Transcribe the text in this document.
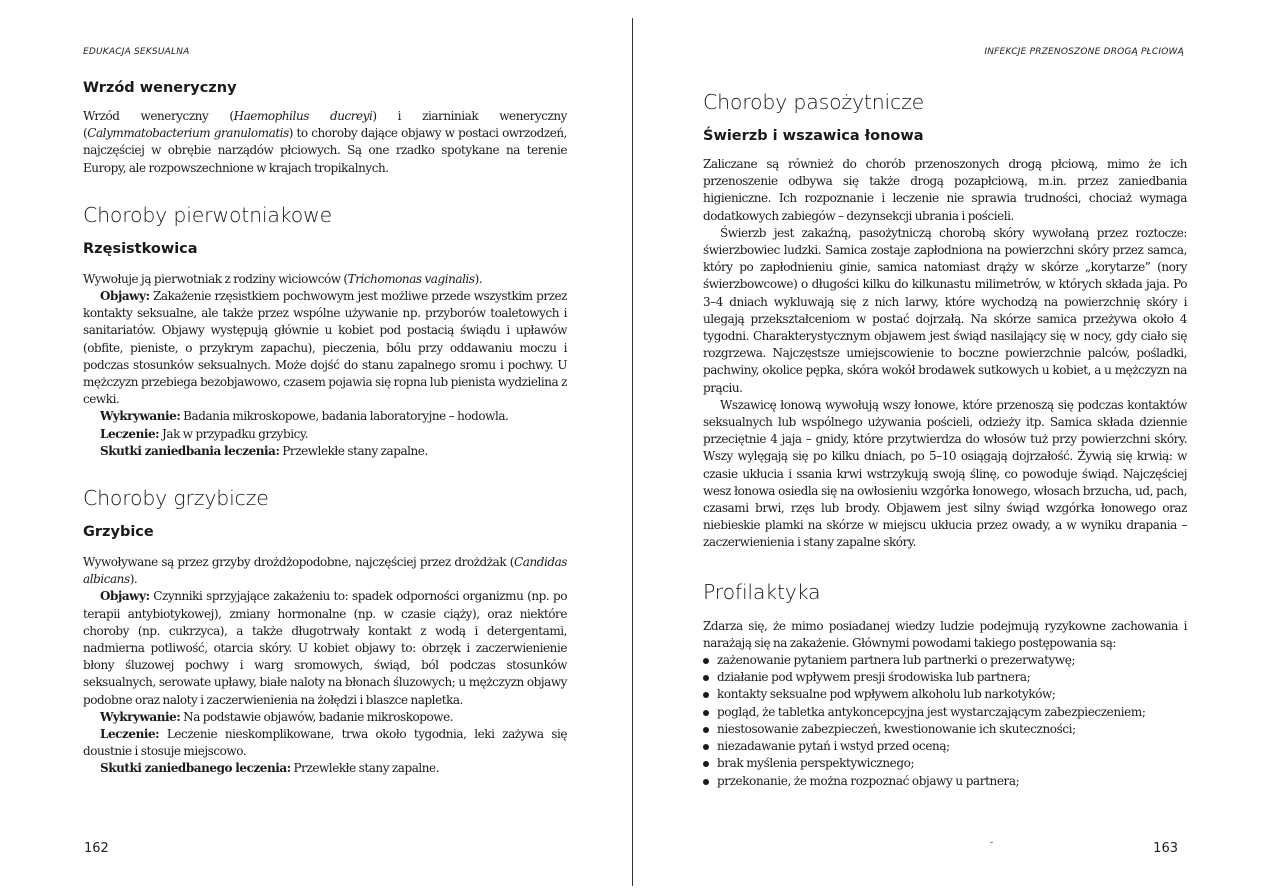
EDUKACJA SEKSUALNA
Wrzód weneryczny

Wrzód weneryczny (Haemophilus ducreyi) i ziarniniak weneryczny (Calymmatobacterium granulomatis) to choroby dające objawy w postaci owrzodzeń, najczęściej w obrębie narządów płciowych. Są one rzadko spotykane na terenie Europy, ale rozpowszechnione w krajach tropikalnych.

Choroby pierwotniakowe
Rzęsistkowica

Wywołuje ją pierwotniak z rodziny wiciowców (Trichomonas vaginalis).

Objawy: Zakażenie rzęsistkiem pochwowym jest możliwe przede wszystkim przez kontakty seksualne, ale także przez wspólne używanie np. przyborów toaletowych i sanitariatów. Objawy występują głównie u kobiet pod postacią świądu i upławów (obfite, pieniste, o przykrym zapachu), pieczenia, bólu przy oddawaniu moczu i podczas stosunków seksualnych. Może dojść do stanu zapalnego sromu i pochwy. U mężczyzn przebiega bezobjawowo, czasem pojawia się ropna lub pienista wydzielina z cewki.

Wykrywanie: Badania mikroskopowe, badania laboratoryjne – hodowla.

Leczenie: Jak w przypadku grzybicy.

Skutki zaniedbania leczenia: Przewlekłe stany zapalne.

Choroby grzybicze
Grzybice

Wywoływane są przez grzyby drożdżopodobne, najczęściej przez drożdżak (Candidas albicans).

Objawy: Czynniki sprzyjające zakażeniu to: spadek odporności organizmu (np. po terapii antybiotykowej), zmiany hormonalne (np. w czasie ciąży), oraz niektóre choroby (np. cukrzyca), a także długotrwały kontakt z wodą i detergentami, nadmierna potliwość, otarcia skóry. U kobiet objawy to: obrzęk i zaczerwienienie błony śluzowej pochwy i warg sromowych, świąd, ból podczas stosunków seksualnych, serowate upławy, białe naloty na błonach śluzowych; u mężczyzn objawy podobne oraz naloty i zaczerwienienia na żołędzi i blaszce napletka.

Wykrywanie: Na podstawie objawów, badanie mikroskopowe.

Leczenie: Leczenie nieskomplikowane, trwa około tygodnia, leki zażywa się doustnie i stosuje miejscowo.

Skutki zaniedbanego leczenia: Przewlekłe stany zapalne.

162
INFEKCJE PRZENOSZONE DROGĄ PŁCIOWĄ
Choroby pasożytnicze
Świerzb i wszawica łonowa

Zaliczane są również do chorób przenoszonych drogą płciową, mimo że ich przenoszenie odbywa się także drogą pozapłciową, m.in. przez zaniedbania higieniczne. Ich rozpoznanie i leczenie nie sprawia trudności, chociaż wymaga dodatkowych zabiegów – dezynsekcji ubrania i pościeli.

Świerzb jest zakaźną, pasożytniczą chorobą skóry wywołaną przez roztocze: świerzbowiec ludzki. Samica zostaje zapłodniona na powierzchni skóry przez samca, który po zapłodnieniu ginie, samica natomiast drąży w skórze „korytarze” (nory świerzbowcowe) o długości kilku do kilkunastu milimetrów, w których składa jaja. Po 3–4 dniach wykluwają się z nich larwy, które wychodzą na powierzchnię skóry i ulegają przekształceniom w postać dojrzałą. Na skórze samica przeżywa około 4 tygodni. Charakterystycznym objawem jest świąd nasilający się w nocy, gdy ciało się rozgrzewa. Najczęstsze umiejscowienie to boczne powierzchnie palców, pośladki, pachwiny, okolice pępka, skóra wokół brodawek sutkowych u kobiet, a u mężczyzn na prąciu.

Wszawicę łonową wywołują wszy łonowe, które przenoszą się podczas kontaktów seksualnych lub wspólnego używania pościeli, odzieży itp. Samica składa dziennie przeciętnie 4 jaja – gnidy, które przytwierdza do włosów tuż przy powierzchni skóry. Wszy wylęgają się po kilku dniach, po 5–10 osiągają dojrzałość. Żywią się krwią: w czasie ukłucia i ssania krwi wstrzykują swoją ślinę, co powoduje świąd. Najczęściej wesz łonowa osiedla się na owłosieniu wzgórka łonowego, włosach brzucha, ud, pach, czasami brwi, rzęs lub brody. Objawem jest silny świąd wzgórka łonowego oraz niebieskie plamki na skórze w miejscu ukłucia przez owady, a w wyniku drapania – zaczerwienienia i stany zapalne skóry.

Profilaktyka

Zdarza się, że mimo posiadanej wiedzy ludzie podejmują ryzykowne zachowania i narażają się na zakażenie. Głównymi powodami takiego postępowania są:

zażenowanie pytaniem partnera lub partnerki o prezerwatywę;
działanie pod wpływem presji środowiska lub partnera;
kontakty seksualne pod wpływem alkoholu lub narkotyków;
pogląd, że tabletka antykoncepcyjna jest wystarczającym zabezpieczeniem;
niestosowanie zabezpieczeń, kwestionowanie ich skuteczności;
niezadawanie pytań i wstyd przed oceną;
brak myślenia perspektywicznego;
przekonanie, że można rozpoznać objawy u partnera;
˘	163
